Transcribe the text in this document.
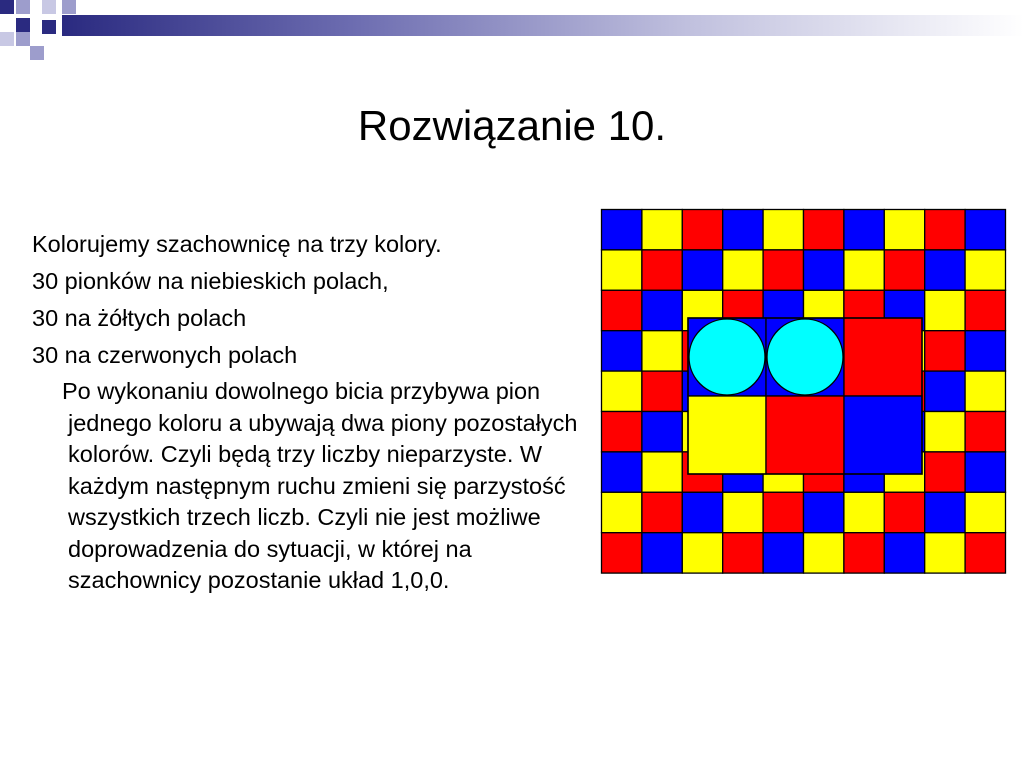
Rozwiązanie 10.
Kolorujemy szachownicę na trzy kolory.
30 pionków na niebieskich polach,
30 na żółtych polach
30 na czerwonych polach
Po wykonaniu dowolnego bicia przybywa pion jednego koloru a ubywają dwa piony pozostałych kolorów. Czyli będą trzy liczby nieparzyste. W każdym następnym ruchu zmieni się parzystość wszystkich trzech liczb. Czyli nie jest możliwe doprowadzenia do sytuacji, w której na szachownicy pozostanie układ 1,0,0.
